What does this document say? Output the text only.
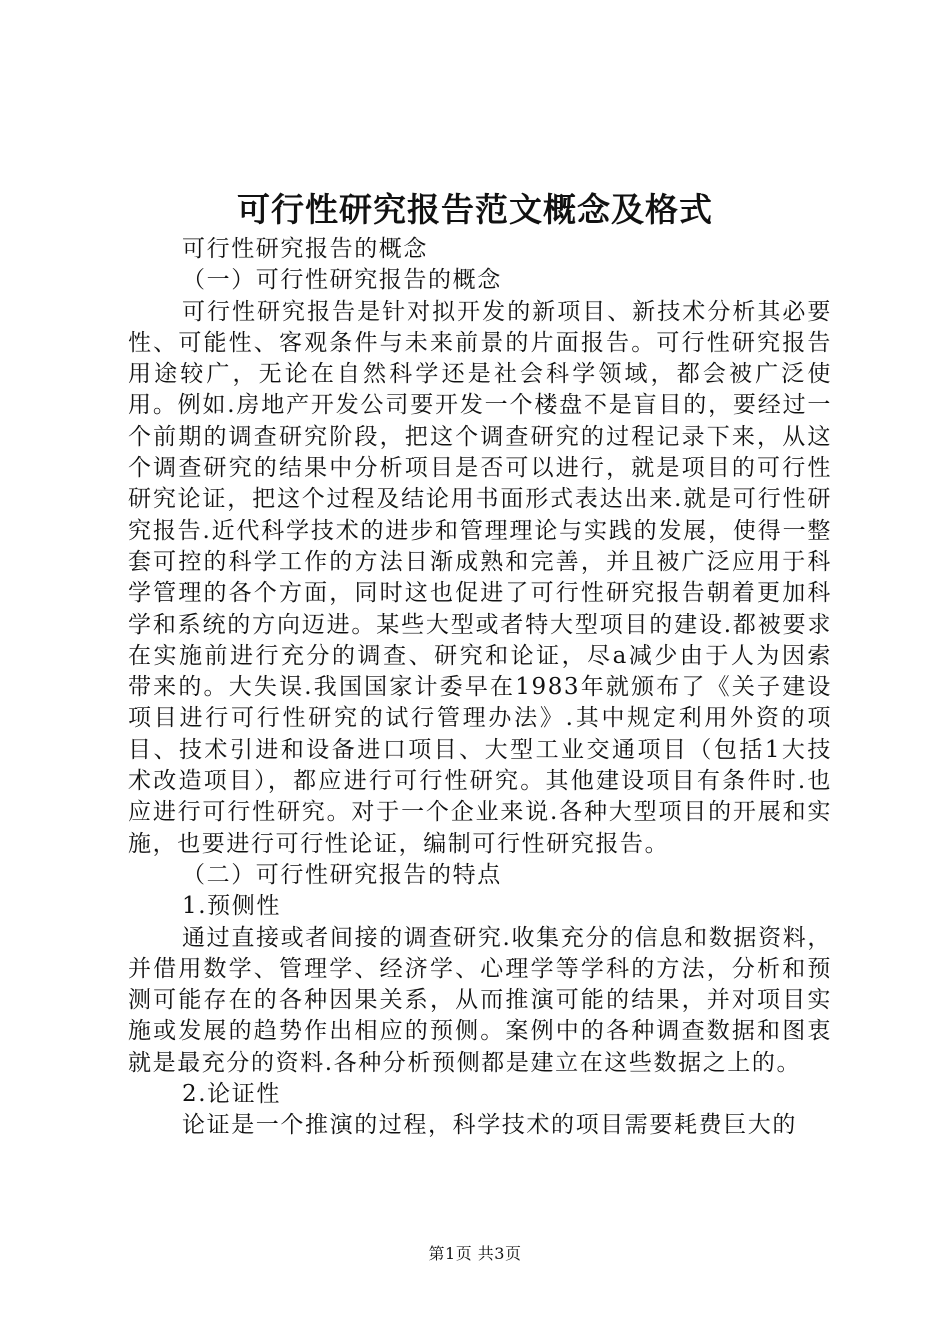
可行性研究报告范文概念及格式

可行性研究报告的概念

（一）可行性研究报告的概念

可行性研究报告是针对拟开发的新项目、新技术分析其必要性、可能性、客观条件与未来前景的片面报告。可行性研究报告用途较广，无论在自然科学还是社会科学领域，都会被广泛使用。例如.房地产开发公司要开发一个楼盘不是盲目的，要经过一个前期的调查研究阶段，把这个调查研究的过程记录下来，从这个调查研究的结果中分析项目是否可以进行，就是项目的可行性研究论证，把这个过程及结论用书面形式表达出来.就是可行性研究报告.近代科学技术的进步和管理理论与实践的发展，使得一整套可控的科学工作的方法日渐成熟和完善，并且被广泛应用于科学管理的各个方面，同时这也促进了可行性研究报告朝着更加科学和系统的方向迈进。某些大型或者特大型项目的建设.都被要求在实施前进行充分的调查、研究和论证，尽a减少由于人为因索带来的。大失误.我国国家计委早在1983年就颁布了《关子建设项目进行可行性研究的试行管理办法》.其中规定利用外资的项目、技术引进和设备进口项目、大型工业交通项目（包括1大技术改造项目），都应进行可行性研究。其他建设项目有条件时.也应进行可行性研究。对于一个企业来说.各种大型项目的开展和实施，也要进行可行性论证，编制可行性研究报告。

（二）可行性研究报告的特点

1.预侧性

通过直接或者间接的调查研究.收集充分的信息和数据资料，并借用数学、管理学、经济学、心理学等学科的方法，分析和预测可能存在的各种因果关系，从而推演可能的结果，并对项目实施或发展的趋势作出相应的预侧。案例中的各种调查数据和图衷就是最充分的资料.各种分析预侧都是建立在这些数据之上的。

2.论证性

论证是一个推演的过程，科学技术的项目需要耗费巨大的

第1页 共3页
